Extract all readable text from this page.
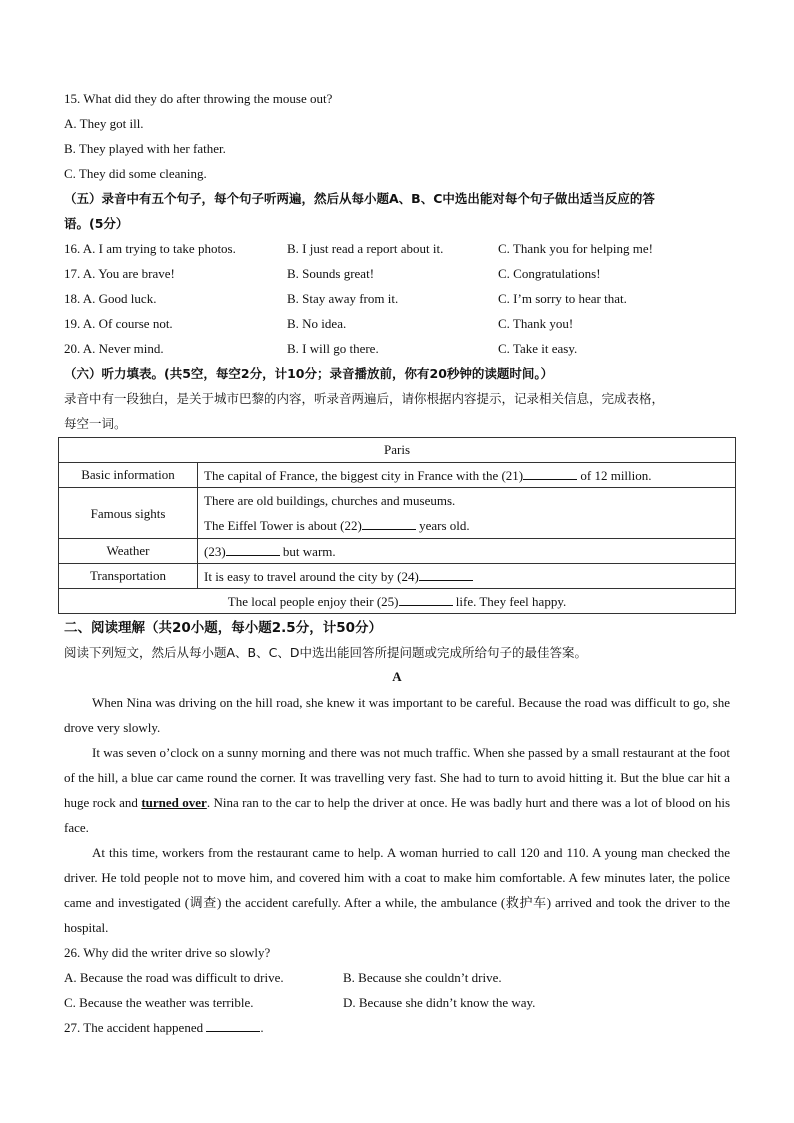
15. What did they do after throwing the mouse out?
A. They got ill.
B. They played with her father.
C. They did some cleaning.
（五）录音中有五个句子，每个句子听两遍，然后从每小题A、B、C中选出能对每个句子做出适当反应的答
语。(5分）
16. A. I am trying to take photos.	B. I just read a report about it.	C. Thank you for helping me!
17. A. You are brave!	B. Sounds great!	C. Congratulations!
18. A. Good luck.	B. Stay away from it.	C. I’m sorry to hear that.
19. A. Of course not.	B. No idea.	C. Thank you!
20. A. Never mind.	B. I will go there.	C. Take it easy.
（六）听力填表。(共5空，每空2分，计10分；录音播放前，你有20秒钟的读题时间。）
录音中有一段独白，是关于城市巴黎的内容，听录音两遍后，请你根据内容提示，记录相关信息，完成表格，
每空一词。
Paris	
Basic information	The capital of France, the biggest city in France with the (21) of 12 million.
Famous sights	There are old buildings, churches and museums.
The Eiffel Tower is about (22) years old.

Weather	(23) but warm.
Transportation	It is easy to travel around the city by (24)
The local people enjoy their (25) life. They feel happy.	
二、阅读理解（共20小题，每小题2.5分，计50分）
阅读下列短文，然后从每小题A、B、C、D中选出能回答所提问题或完成所给句子的最佳答案。
A
When Nina was driving on the hill road, she knew it was important to be careful. Because the road was difficult to go, she drove very slowly.
It was seven o’clock on a sunny morning and there was not much traffic. When she passed by a small restaurant at the foot of the hill, a blue car came round the corner. It was travelling very fast. She had to turn to avoid hitting it. But the blue car hit a huge rock and turned over. Nina ran to the car to help the driver at once. He was badly hurt and there was a lot of blood on his face.
At this time, workers from the restaurant came to help. A woman hurried to call 120 and 110. A young man checked the driver. He told people not to move him, and covered him with a coat to make him comfortable. A few minutes later, the police came and investigated (调查) the accident carefully. After a while, the ambulance (救护车) arrived and took the driver to the hospital.
26. Why did the writer drive so slowly?
A. Because the road was difficult to drive.	B. Because she couldn’t drive.
C. Because the weather was terrible.	D. Because she didn’t know the way.
27. The accident happened	.
